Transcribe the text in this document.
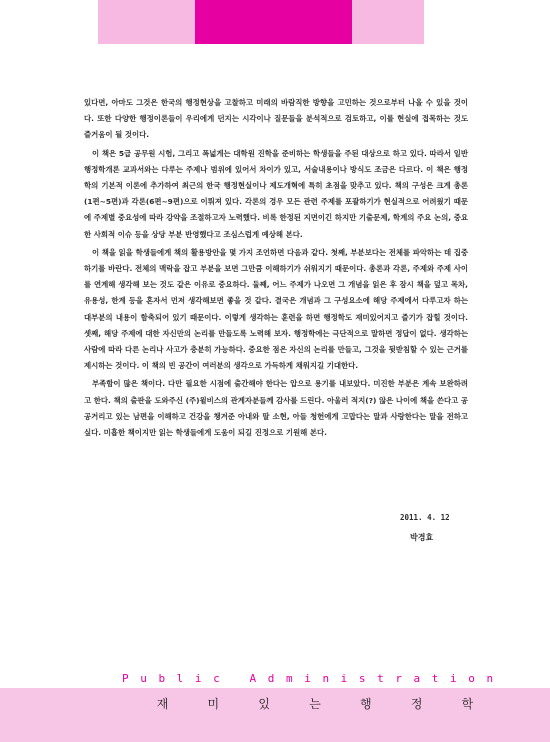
있다면, 아마도 그것은 한국의 행정현상을 고찰하고 미래의 바람직한 방향을 고민하는 것으로부터 나올 수 있을 것이다. 또한 다양한 행정이론들이 우리에게 던지는 시각이나 질문들을 분석적으로 검토하고, 이를 현실에 접목하는 것도 즐거움이 될 것이다.

이 책은 5급 공무원 시험, 그리고 폭넓게는 대학원 진학을 준비하는 학생들을 주된 대상으로 하고 있다. 따라서 일반 행정학개론 교과서와는 다루는 주제나 범위에 있어서 차이가 있고, 서술내용이나 방식도 조금은 다르다. 이 책은 행정학의 기본적 이론에 추가하여 최근의 한국 행정현실이나 제도개혁에 특히 초점을 맞추고 있다. 책의 구성은 크게 총론(1편~5편)과 각론(6편~9편)으로 이뤄져 있다. 각론의 경우 모든 관련 주제를 포괄하기가 현실적으로 어려웠기 때문에 주제별 중요성에 따라 강약을 조절하고자 노력했다. 비록 한정된 지면이긴 하지만 기출문제, 학계의 주요 논의, 중요한 사회적 이슈 등을 상당 부분 반영했다고 조심스럽게 예상해 본다.

이 책을 읽을 학생들에게 책의 활용방안을 몇 가지 조언하면 다음과 같다. 첫째, 부분보다는 전체를 파악하는 데 집중하기를 바란다. 전체의 맥락을 잡고 부분을 보면 그만큼 이해하기가 쉬워지기 때문이다. 총론과 각론, 주제와 주제 사이를 연계해 생각해 보는 것도 같은 이유로 중요하다. 둘째, 어느 주제가 나오면 그 개념을 읽은 후 잠시 책을 덮고 목차, 유용성, 한계 등을 혼자서 먼저 생각해보면 좋을 것 같다. 결국은 개념과 그 구성요소에 해당 주제에서 다루고자 하는 대부분의 내용이 함축되어 있기 때문이다. 이렇게 생각하는 훈련을 하면 행정학도 재미있어지고 즐기가 잡힐 것이다. 셋째, 해당 주제에 대한 자신만의 논리를 만들도록 노력해 보자. 행정학에는 극단적으로 말하면 정답이 없다. 생각하는 사람에 따라 다른 논리나 사고가 충분히 가능하다. 중요한 점은 자신의 논리를 만들고, 그것을 뒷받침할 수 있는 근거를 제시하는 것이다. 이 책의 빈 공간이 여러분의 생각으로 가득하게 채워지길 기대한다.

부족함이 많은 책이다. 다만 필요한 시점에 출간해야 한다는 압으로 용기를 내보았다. 미진한 부분은 계속 보완하려고 한다. 책의 출판을 도와주신 (주)윌비스의 관계자분들께 감사를 드린다. 아울러 적지(?) 않은 나이에 책을 쓴다고 공공거리고 있는 남편을 이해하고 건강을 챙겨준 아내와 딸 소현, 아들 청헌에게 고맙다는 말과 사랑한다는 말을 전하고 싶다. 미흡한 책이지만 읽는 학생들에게 도움이 되길 진정으로 기원해 본다.

2011. 4. 12
박경효
Public Administration
재	미	있	는	행	정	학
